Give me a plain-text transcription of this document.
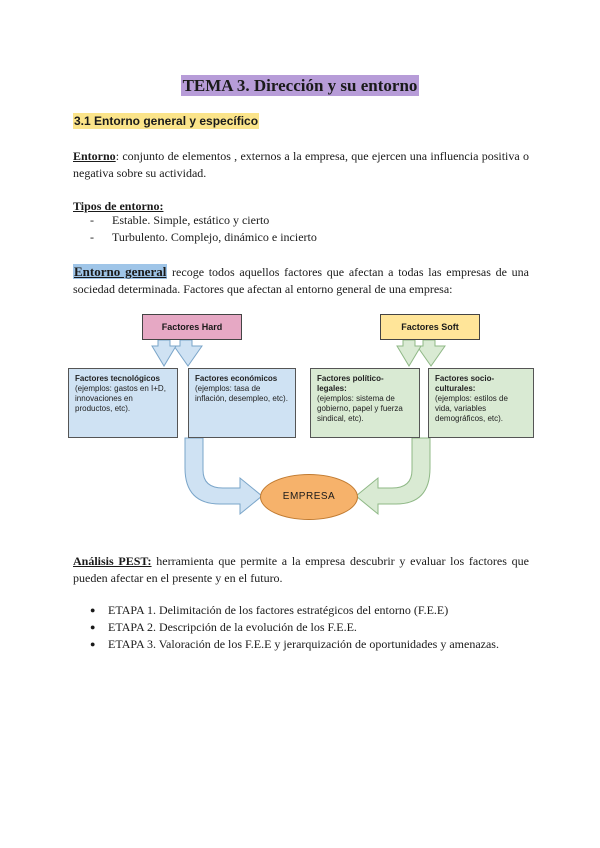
TEMA 3. Dirección y su entorno
3.1 Entorno general y específico
Entorno: conjunto de elementos , externos a la empresa, que ejercen una influencia positiva o negativa sobre su actividad.
Tipos de entorno:
-	Estable. Simple, estático y cierto
-	Turbulento. Complejo, dinámico e incierto
Entorno general recoge todos aquellos factores que afectan a todas las empresas de una sociedad determinada. Factores que afectan al entorno general de una empresa:
Factores Hard	Factores Soft
Factores tecnológicos
(ejemplos: gastos en I+D, innovaciones en productos, etc).
Factores económicos
(ejemplos: tasa de inflación, desempleo, etc).
Factores político-legales:
(ejemplos: sistema de gobierno, papel y fuerza sindical, etc).
Factores socio-culturales:
(ejemplos: estilos de vida, variables demográficos, etc).
EMPRESA
Análisis PEST: herramienta que permite a la empresa descubrir y evaluar los factores que pueden afectar en el presente y en el futuro.
●	ETAPA 1. Delimitación de los factores estratégicos del entorno (F.E.E)
●	ETAPA 2. Descripción de la evolución de los F.E.E.
●	ETAPA 3. Valoración de los F.E.E y jerarquización de oportunidades y amenazas.
